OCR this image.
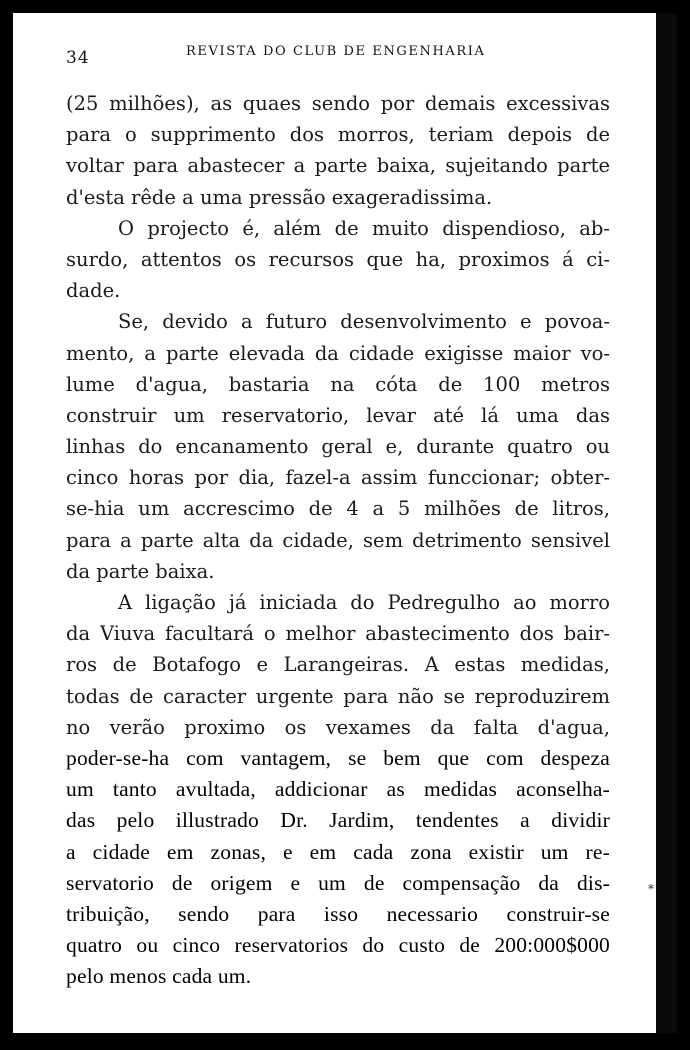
34	REVISTA DO CLUB DE ENGENHARIA
(25 milhões), as quaes sendo por demais excessivas
para o supprimento dos morros, teriam depois de
voltar para abastecer a parte baixa, sujeitando parte
d'esta rêde a uma pressão exageradissima.
O projecto é, além de muito dispendioso, ab-
surdo, attentos os recursos que ha, proximos á ci-
dade.
Se, devido a futuro desenvolvimento e povoa-
mento, a parte elevada da cidade exigisse maior vo-
lume d'agua, bastaria na cóta de 100 metros
construir um reservatorio, levar até lá uma das
linhas do encanamento geral e, durante quatro ou
cinco horas por dia, fazel-a assim funccionar; obter-
se-hia um accrescimo de 4 a 5 milhões de litros,
para a parte alta da cidade, sem detrimento sensivel
da parte baixa.
A ligação já iniciada do Pedregulho ao morro
da Viuva facultará o melhor abastecimento dos bair-
ros de Botafogo e Larangeiras. A estas medidas,
todas de caracter urgente para não se reproduzirem
no verão proximo os vexames da falta d'agua,
poder-se-ha com vantagem, se bem que com despeza
um tanto avultada, addicionar as medidas aconselha-
das pelo illustrado Dr. Jardim, tendentes a dividir
a cidade em zonas, e em cada zona existir um re-
servatorio de origem e um de compensação da dis-
tribuição, sendo para isso necessario construir-se
quatro ou cinco reservatorios do custo de 200:000$000
pelo menos cada um.
*
